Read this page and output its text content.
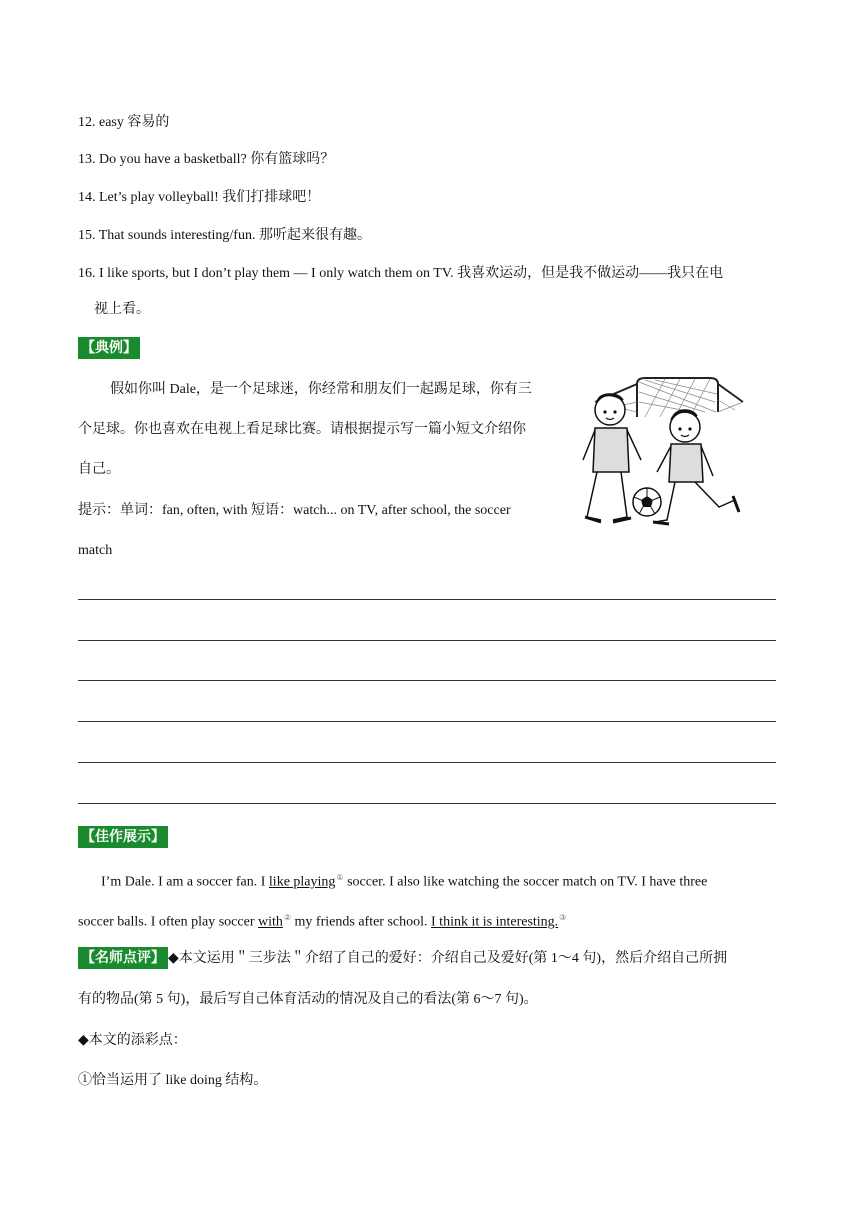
12. easy 容易的
13. Do you have a basketball? 你有篮球吗？
14. Let’s play volleyball! 我们打排球吧！
15. That sounds interesting/fun. 那听起来很有趣。
16. I like sports, but I don’t play them — I only watch them on TV. 我喜欢运动，但是我不做运动——我只在电
视上看。
【典例】
假如你叫 Dale，是一个足球迷，你经常和朋友们一起踢足球，你有三
个足球。你也喜欢在电视上看足球比赛。请根据提示写一篇小短文介绍你
自己。
提示：单词：fan, often, with 短语：watch... on TV, after school, the soccer
match
【佳作展示】
I’m Dale. I am a soccer fan. I like playing① soccer. I also like watching the soccer match on TV. I have three
soccer balls. I often play soccer with② my friends after school. I think it is interesting.③
【名师点评】 ◆本文运用＂三步法＂介绍了自己的爱好：介绍自己及爱好(第 1～4 句)，然后介绍自己所拥
有的物品(第 5 句)，最后写自己体育活动的情况及自己的看法(第 6～7 句)。
◆本文的添彩点：
①恰当运用了 like doing 结构。
